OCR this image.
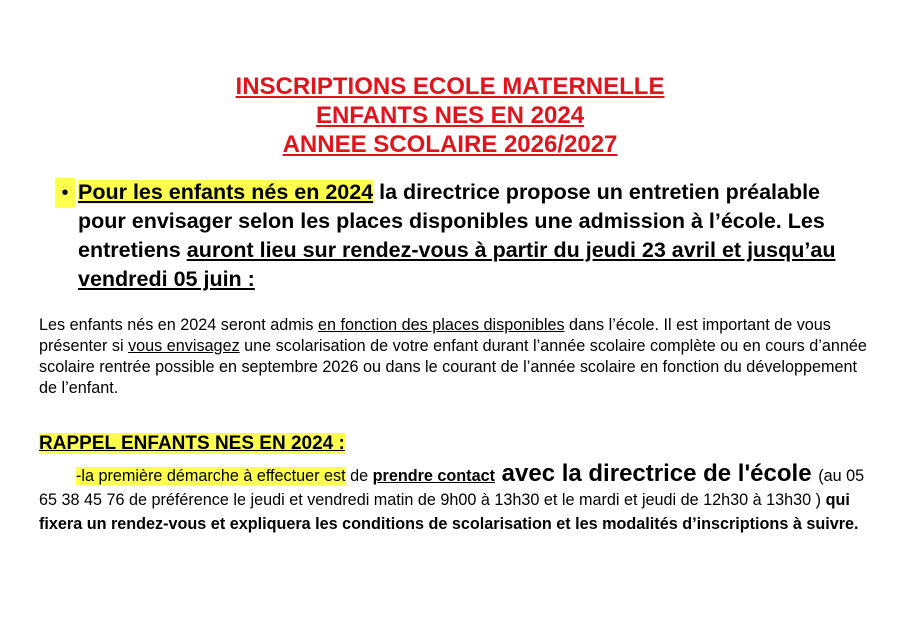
INSCRIPTIONS ECOLE MATERNELLE
ENFANTS NES EN 2024
ANNEE SCOLAIRE 2026/2027
• Pour les enfants nés en 2024 la directrice propose un entretien préalable pour envisager selon les places disponibles une admission à l’école. Les entretiens auront lieu sur rendez-vous à partir du jeudi 23 avril et jusqu’au vendredi 05 juin :
Les enfants nés en 2024 seront admis en fonction des places disponibles dans l’école. Il est important de vous présenter si vous envisagez une scolarisation de votre enfant durant l’année scolaire complète ou en cours d’année scolaire rentrée possible en septembre 2026 ou dans le courant de l’année scolaire en fonction du développement de l’enfant.
RAPPEL ENFANTS NES EN 2024 :
-la première démarche à effectuer est de prendre contact avec la directrice de l'école (au 05 65 38 45 76 de préférence le jeudi et vendredi matin de 9h00 à 13h30 et le mardi et jeudi de 12h30 à 13h30 ) qui fixera un rendez-vous et expliquera les conditions de scolarisation et les modalités d’inscriptions à suivre.
